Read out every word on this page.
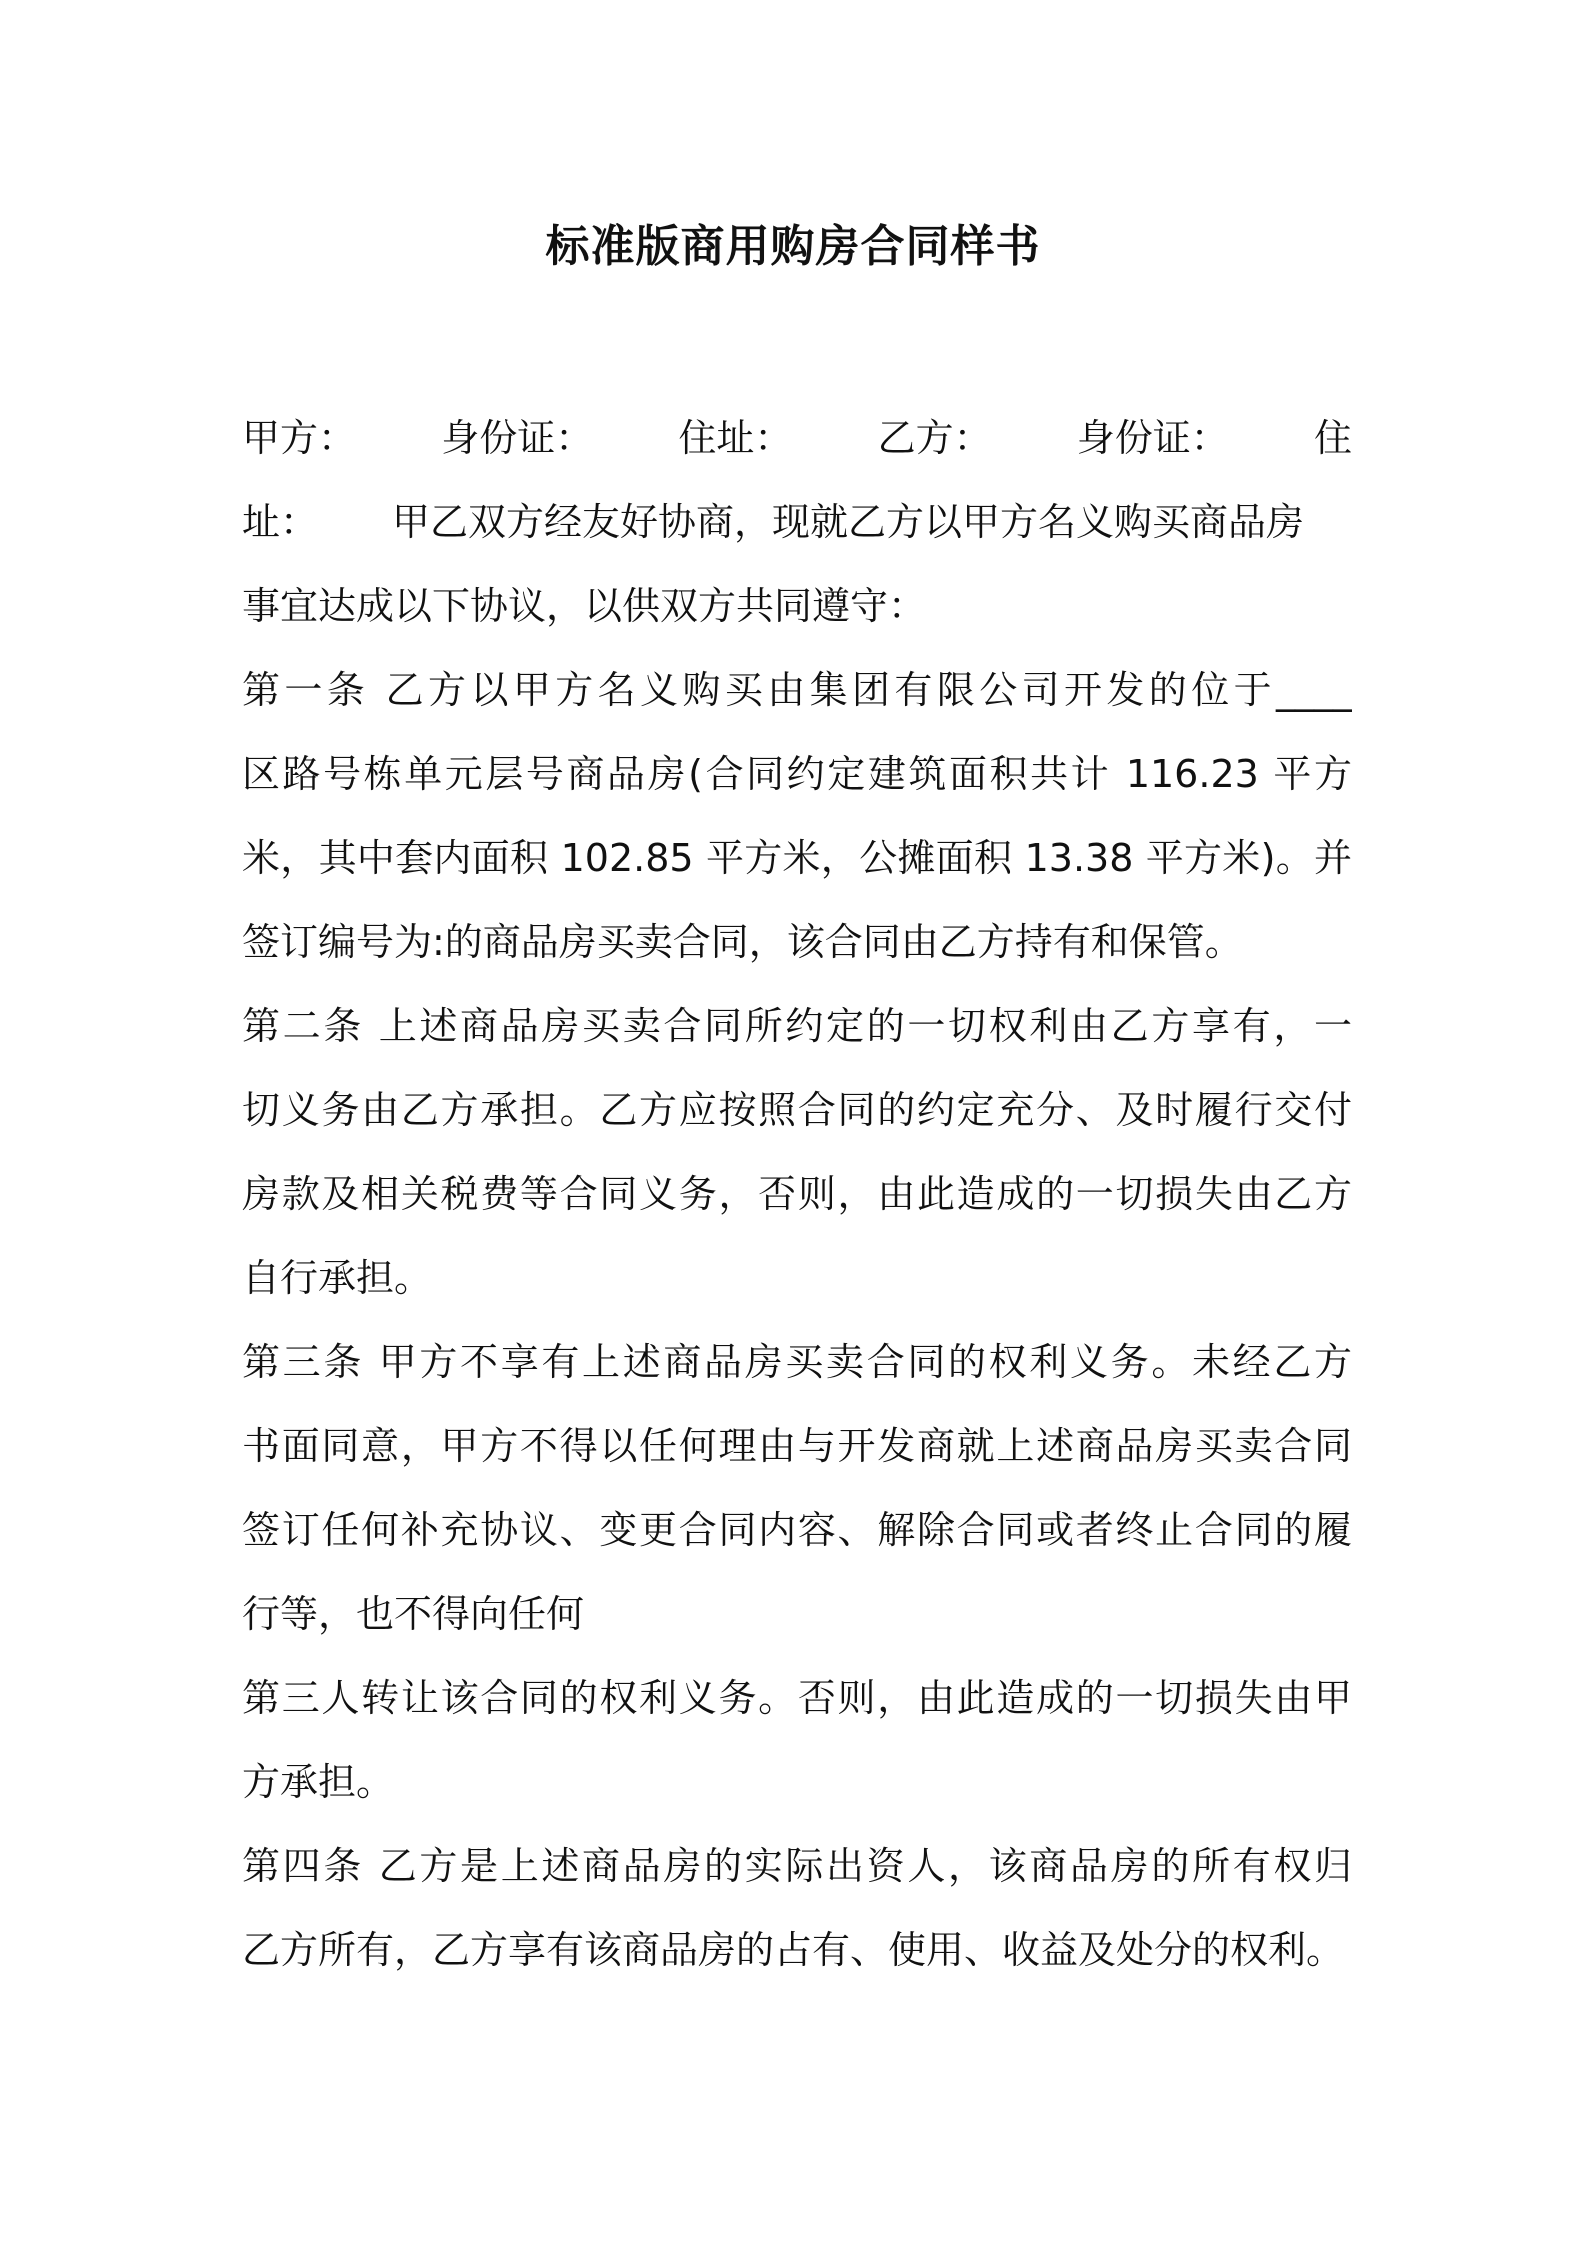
标准版商用购房合同样书
甲方： 身份证： 住址： 乙方： 身份证： 住
址： 甲乙双方经友好协商，现就乙方以甲方名义购买商品房
事宜达成以下协议，以供双方共同遵守：
第一条 乙方以甲方名义购买由集团有限公司开发的位于____
区路号栋单元层号商品房(合同约定建筑面积共计 116.23 平方
米，其中套内面积 102.85 平方米，公摊面积 13.38 平方米)。并
签订编号为:的商品房买卖合同，该合同由乙方持有和保管。
第二条 上述商品房买卖合同所约定的一切权利由乙方享有，一
切义务由乙方承担。乙方应按照合同的约定充分、及时履行交付
房款及相关税费等合同义务，否则，由此造成的一切损失由乙方
自行承担。
第三条 甲方不享有上述商品房买卖合同的权利义务。未经乙方
书面同意，甲方不得以任何理由与开发商就上述商品房买卖合同
签订任何补充协议、变更合同内容、解除合同或者终止合同的履
行等，也不得向任何
第三人转让该合同的权利义务。否则，由此造成的一切损失由甲
方承担。
第四条 乙方是上述商品房的实际出资人，该商品房的所有权归
乙方所有，乙方享有该商品房的占有、使用、收益及处分的权利。
